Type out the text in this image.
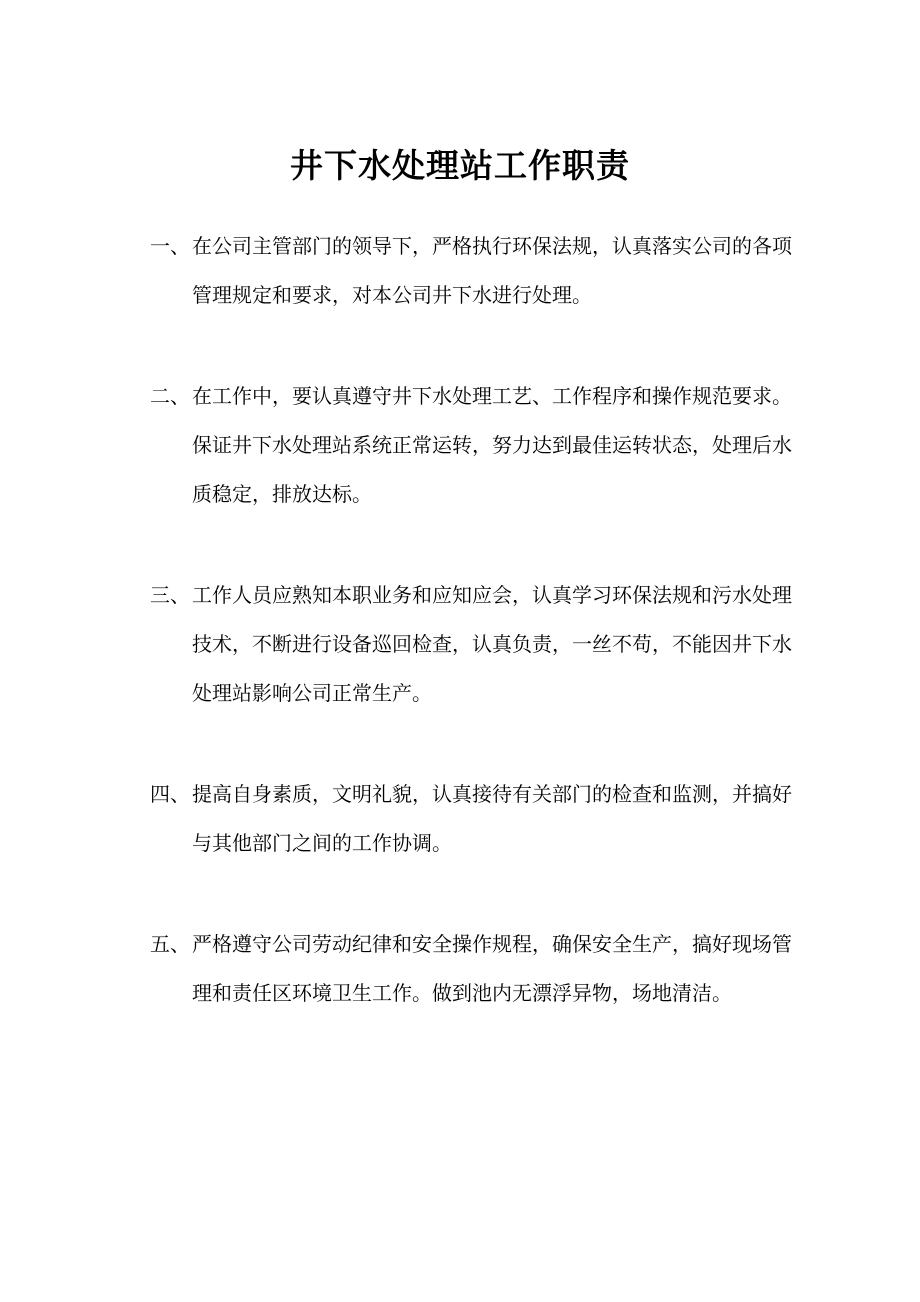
井下水处理站工作职责
一、 在公司主管部门的领导下，严格执行环保法规，认真落实公司的各项管理规定和要求，对本公司井下水进行处理。
二、 在工作中，要认真遵守井下水处理工艺、工作程序和操作规范要求。保证井下水处理站系统正常运转，努力达到最佳运转状态，处理后水质稳定，排放达标。
三、 工作人员应熟知本职业务和应知应会，认真学习环保法规和污水处理技术，不断进行设备巡回检查，认真负责，一丝不苟，不能因井下水处理站影响公司正常生产。
四、 提高自身素质，文明礼貌，认真接待有关部门的检查和监测，并搞好与其他部门之间的工作协调。
五、 严格遵守公司劳动纪律和安全操作规程，确保安全生产，搞好现场管理和责任区环境卫生工作。做到池内无漂浮异物，场地清洁。
